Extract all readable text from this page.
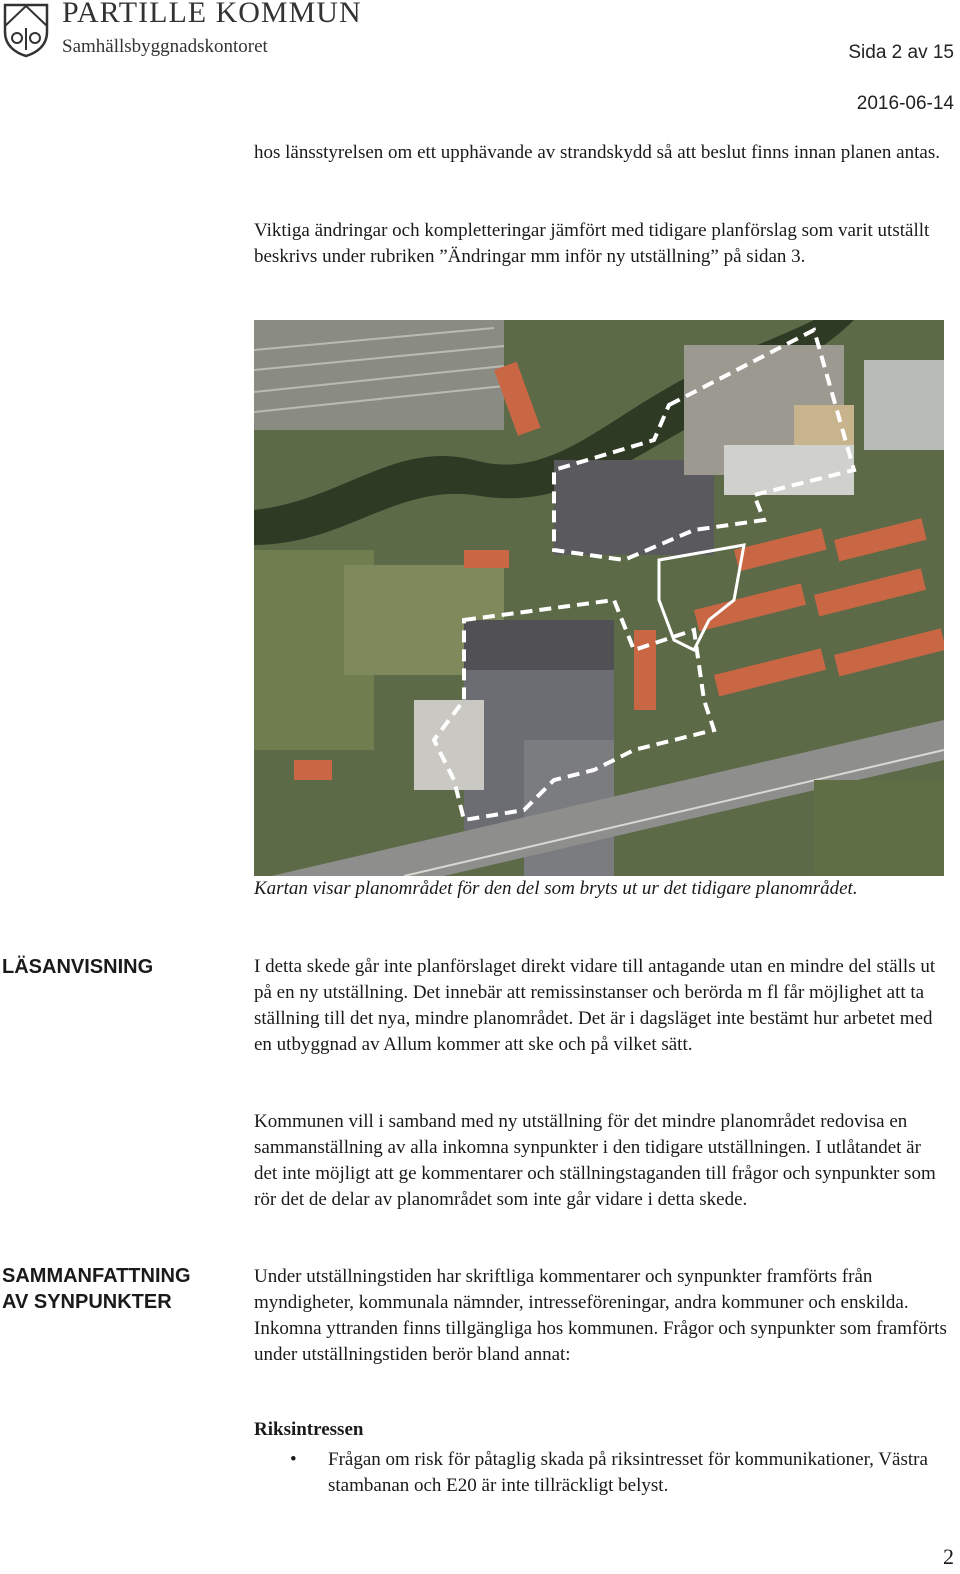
PARTILLE KOMMUN
Samhällsbyggnadskontoret	Sida 2 av 15
2016-06-14

hos länsstyrelsen om ett upphävande av strandskydd så att beslut finns innan planen antas.

Viktiga ändringar och kompletteringar jämfört med tidigare planförslag som varit utställt beskrivs under rubriken ”Ändringar mm inför ny utställning” på sidan 3.

Kartan visar planområdet för den del som bryts ut ur det tidigare planområdet.

LÄSANVISNING	I detta skede går inte planförslaget direkt vidare till antagande utan en mindre del ställs ut på en ny utställning. Det innebär att remissinstanser och berörda m fl får möjlighet att ta ställning till det nya, mindre planområdet. Det är i dagsläget inte bestämt hur arbetet med en utbyggnad av Allum kommer att ske och på vilket sätt.

Kommunen vill i samband med ny utställning för det mindre planområdet redovisa en sammanställning av alla inkomna synpunkter i den tidigare utställningen. I utlåtandet är det inte möjligt att ge kommentarer och ställningstaganden till frågor och synpunkter som rör det de delar av planområdet som inte går vidare i detta skede.

SAMMANFATTNING
AV SYNPUNKTER

Under utställningstiden har skriftliga kommentarer och synpunkter framförts från myndigheter, kommunala nämnder, intresseföreningar, andra kommuner och enskilda. Inkomna yttranden finns tillgängliga hos kommunen. Frågor och synpunkter som framförts under utställningstiden berör bland annat:

Riksintressen
• Frågan om risk för påtaglig skada på riksintresset för kommunikationer, Västra stambanan och E20 är inte tillräckligt belyst.
2
